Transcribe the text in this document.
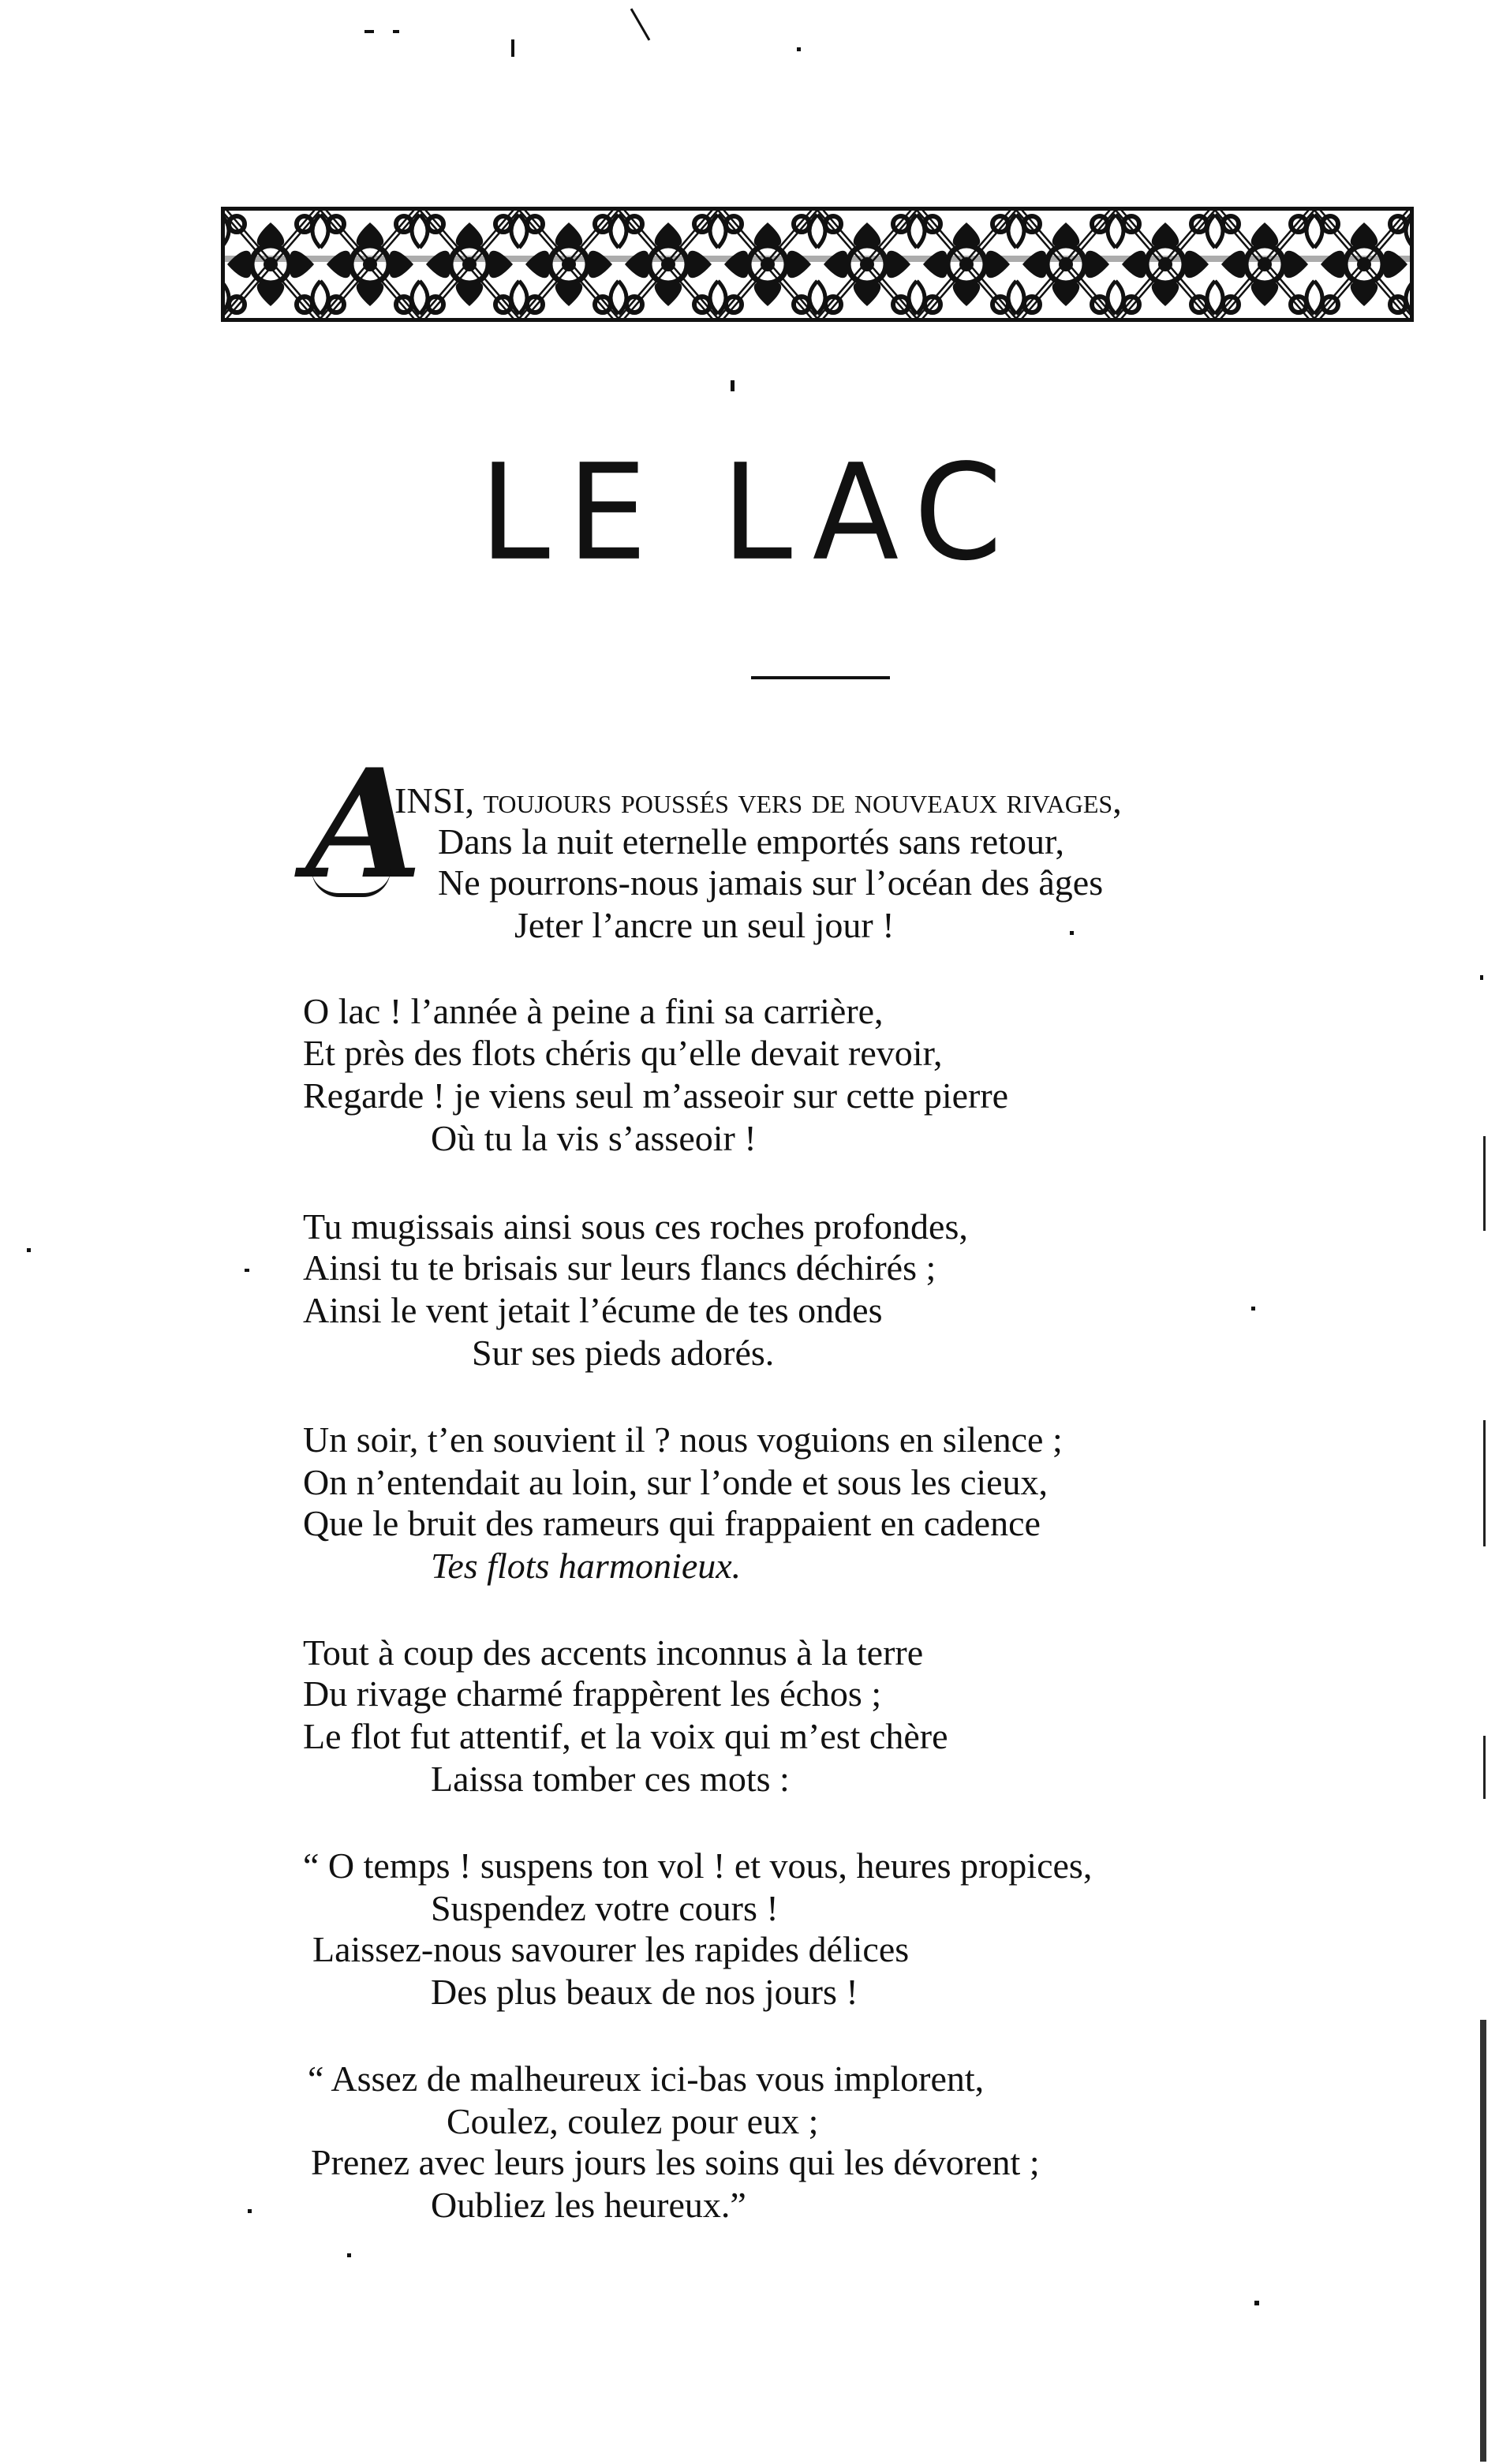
LE LAC
A
INSI, toujours poussés vers de nouveaux rivages,
Dans la nuit eternelle emportés sans retour,
Ne pourrons-nous jamais sur l’océan des âges
Jeter l’ancre un seul jour !
O lac ! l’année à peine a fini sa carrière,
Et près des flots chéris qu’elle devait revoir,
Regarde ! je viens seul m’asseoir sur cette pierre
Où tu la vis s’asseoir !
Tu mugissais ainsi sous ces roches profondes,
Ainsi tu te brisais sur leurs flancs déchirés ;
Ainsi le vent jetait l’écume de tes ondes
Sur ses pieds adorés.
Un soir, t’en souvient il ? nous voguions en silence ;
On n’entendait au loin, sur l’onde et sous les cieux,
Que le bruit des rameurs qui frappaient en cadence
Tes flots harmonieux.
Tout à coup des accents inconnus à la terre
Du rivage charmé frappèrent les échos ;
Le flot fut attentif, et la voix qui m’est chère
Laissa tomber ces mots :
“ O temps ! suspens ton vol ! et vous, heures propices,
Suspendez votre cours !
Laissez-nous savourer les rapides délices
Des plus beaux de nos jours !
“ Assez de malheureux ici-bas vous implorent,
Coulez, coulez pour eux ;
Prenez avec leurs jours les soins qui les dévorent ;
Oubliez les heureux.”
